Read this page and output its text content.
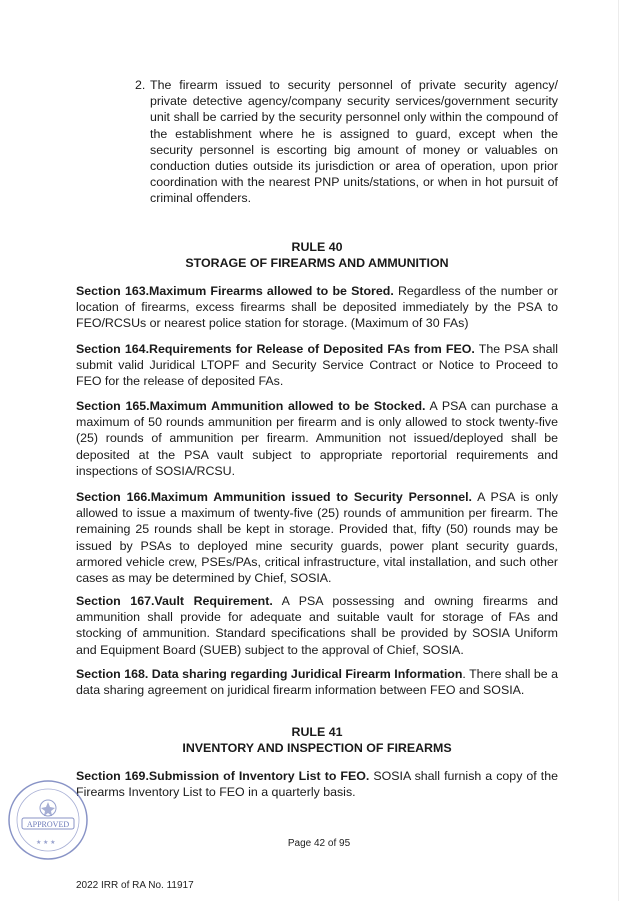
2. The firearm issued to security personnel of private security agency/ private detective agency/company security services/government security unit shall be carried by the security personnel only within the compound of the establishment where he is assigned to guard, except when the security personnel is escorting big amount of money or valuables on conduction duties outside its jurisdiction or area of operation, upon prior coordination with the nearest PNP units/stations, or when in hot pursuit of criminal offenders.
RULE 40
STORAGE OF FIREARMS AND AMMUNITION
Section 163.Maximum Firearms allowed to be Stored. Regardless of the number or location of firearms, excess firearms shall be deposited immediately by the PSA to FEO/RCSUs or nearest police station for storage. (Maximum of 30 FAs)
Section 164.Requirements for Release of Deposited FAs from FEO. The PSA shall submit valid Juridical LTOPF and Security Service Contract or Notice to Proceed to FEO for the release of deposited FAs.
Section 165.Maximum Ammunition allowed to be Stocked. A PSA can purchase a maximum of 50 rounds ammunition per firearm and is only allowed to stock twenty-five (25) rounds of ammunition per firearm. Ammunition not issued/deployed shall be deposited at the PSA vault subject to appropriate reportorial requirements and inspections of SOSIA/RCSU.
Section 166.Maximum Ammunition issued to Security Personnel. A PSA is only allowed to issue a maximum of twenty-five (25) rounds of ammunition per firearm. The remaining 25 rounds shall be kept in storage. Provided that, fifty (50) rounds may be issued by PSAs to deployed mine security guards, power plant security guards, armored vehicle crew, PSEs/PAs, critical infrastructure, vital installation, and such other cases as may be determined by Chief, SOSIA.
Section 167.Vault Requirement. A PSA possessing and owning firearms and ammunition shall provide for adequate and suitable vault for storage of FAs and stocking of ammunition. Standard specifications shall be provided by SOSIA Uniform and Equipment Board (SUEB) subject to the approval of Chief, SOSIA.
Section 168. Data sharing regarding Juridical Firearm Information. There shall be a data sharing agreement on juridical firearm information between FEO and SOSIA.
RULE 41
INVENTORY AND INSPECTION OF FIREARMS
Section 169.Submission of Inventory List to FEO. SOSIA shall furnish a copy of the Firearms Inventory List to FEO in a quarterly basis.
APPROVED
★ ★ ★	Page 42 of 95
2022 IRR of RA No. 11917
